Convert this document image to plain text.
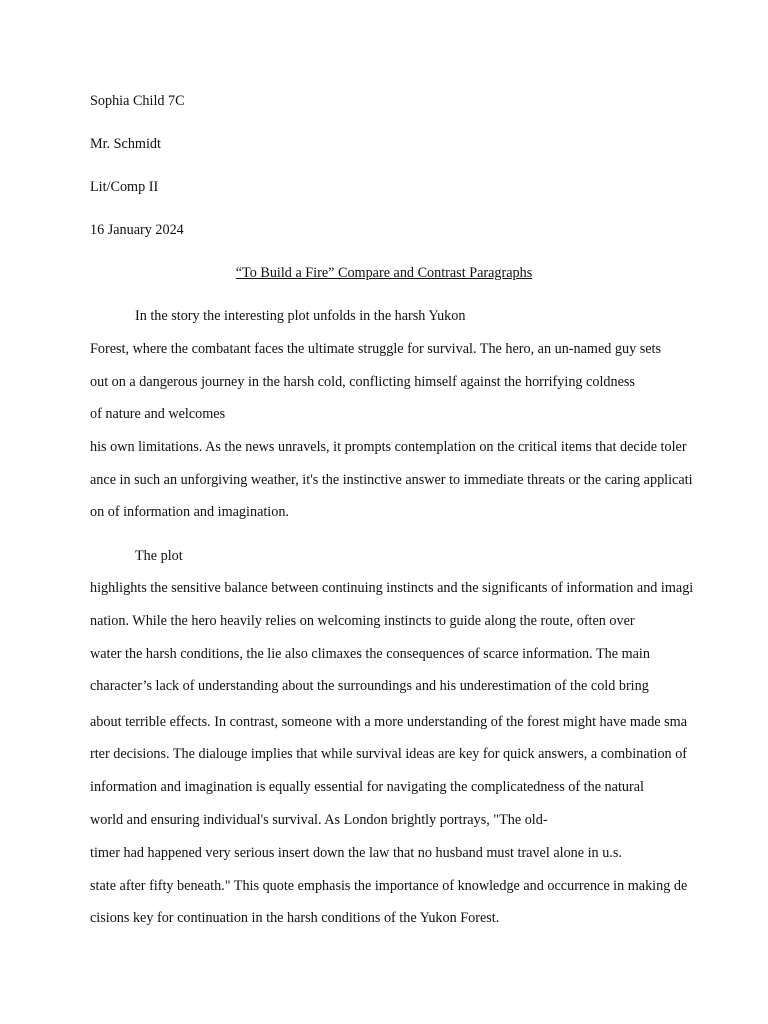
Sophia Child 7C
Mr. Schmidt
Lit/Comp II
16 January 2024
“To Build a Fire” Compare and Contrast Paragraphs
In the story the interesting plot unfolds in the harsh Yukon
Forest, where the combatant faces the ultimate struggle for survival. The hero, an un-named guy sets
out on a dangerous journey in the harsh cold, conflicting himself against the horrifying coldness
of nature and welcomes
his own limitations. As the news unravels, it prompts contemplation on the critical items that decide toler
ance in such an unforgiving weather, it's the instinctive answer to immediate threats or the caring applicati
on of information and imagination.
The plot
highlights the sensitive balance between continuing instincts and the significants of information and imagi
nation. While the hero heavily relies on welcoming instincts to guide along the route, often over
water the harsh conditions, the lie also climaxes the consequences of scarce information. The main
character’s lack of understanding about the surroundings and his underestimation of the cold bring
about terrible effects. In contrast, someone with a more understanding of the forest might have made sma
rter decisions. The dialouge implies that while survival ideas are key for quick answers, a combination of
information and imagination is equally essential for navigating the complicatedness of the natural
world and ensuring individual's survival. As London brightly portrays, "The old-
timer had happened very serious insert down the law that no husband must travel alone in u.s.
state after fifty beneath." This quote emphasis the importance of knowledge and occurrence in making de
cisions key for continuation in the harsh conditions of the Yukon Forest.
